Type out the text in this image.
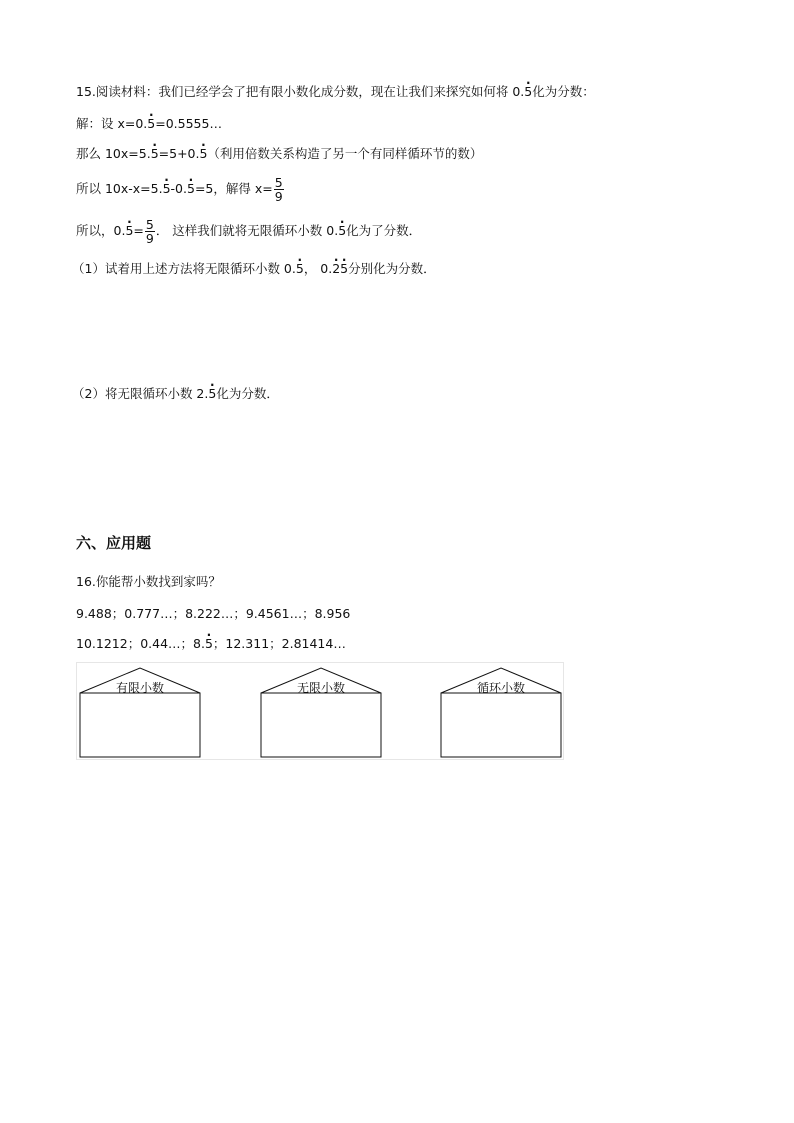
15.阅读材料：我们已经学会了把有限小数化成分数，现在让我们来探究如何将 0.· 5化为分数：
解：设 x=0.· 5=0.5555…
那么 10x=5.· 5=5+0.· 5（利用倍数关系构造了另一个有同样循环节的数）
所以 10x-x=5.· 5-0.· 5=5，解得 $x= \frac{5}{9}$
所以，$0.\cdot 5= \frac{5}{9}$ ． 这样我们就将无限循环小数 0.· 5化为了分数．
（1）试着用上述方法将无限循环小数 0.· 5， 0.· 2· 5分别化为分数．
（2）将无限循环小数 2.· 5化为分数．
六、应用题
16.你能帮小数找到家吗？
9.488；0.777…；8.222…；9.4561…；8.956
10.1212；0.44…；8.· 5；12.311；2.81414…
有限小数	无限小数	循环小数
